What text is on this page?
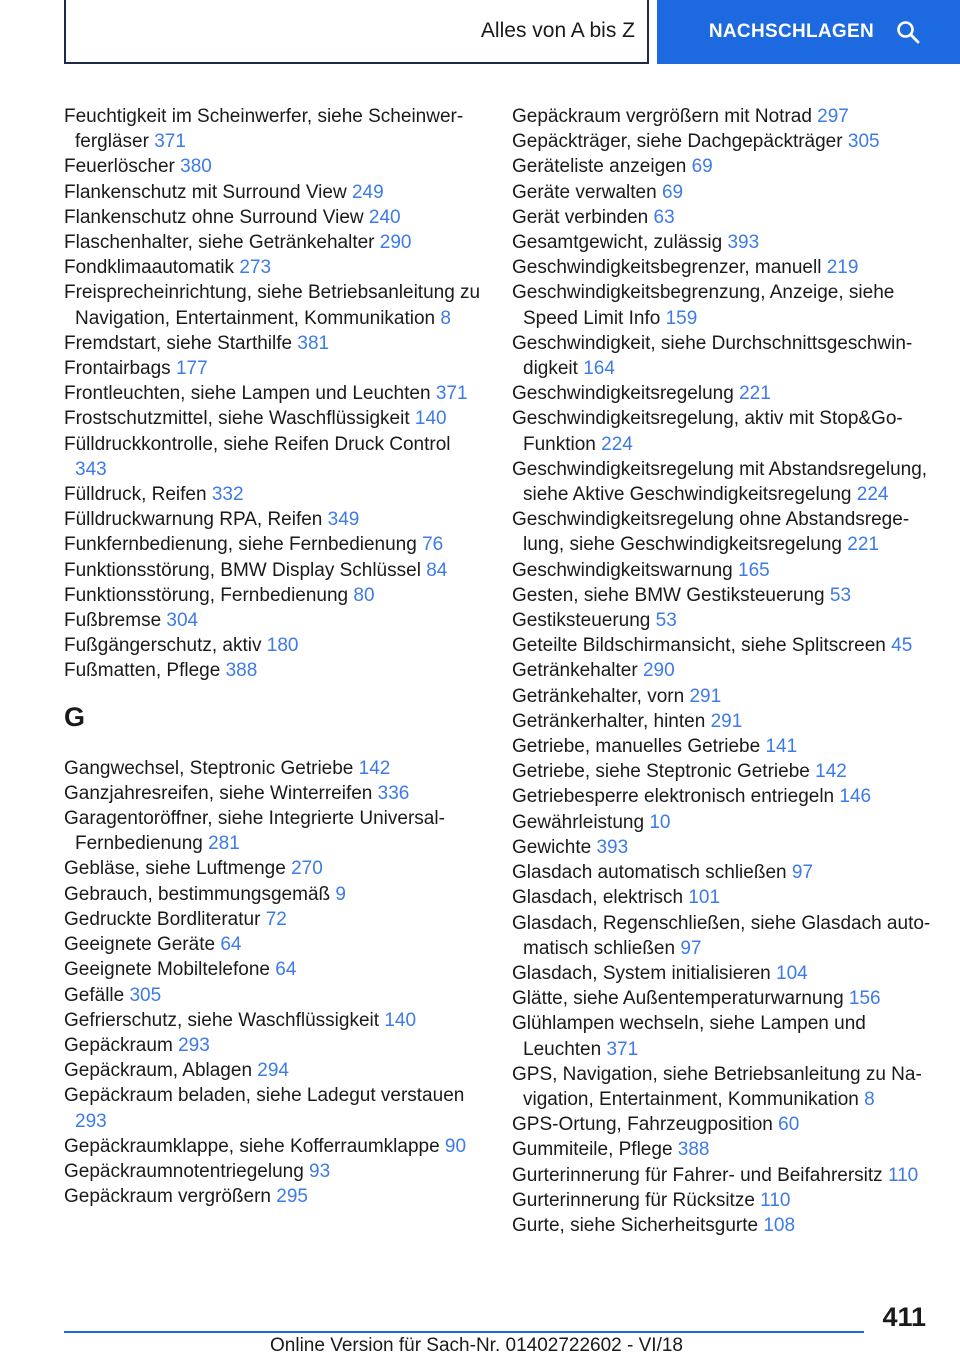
Alles von A bis Z	NACHSCHLAGEN
Feuchtigkeit im Scheinwerfer, siehe Scheinwerfergläser 371
Feuerlöscher 380
Flankenschutz mit Surround View 249
Flankenschutz ohne Surround View 240
Flaschenhalter, siehe Getränkehalter 290
Fondklimaautomatik 273
Freisprecheinrichtung, siehe Betriebsanleitung zu Navigation, Entertainment, Kommunikation 8
Fremdstart, siehe Starthilfe 381
Frontairbags 177
Frontleuchten, siehe Lampen und Leuchten 371
Frostschutzmittel, siehe Waschflüssigkeit 140
Fülldruckkontrolle, siehe Reifen Druck Control 343
Fülldruck, Reifen 332
Fülldruckwarnung RPA, Reifen 349
Funkfernbedienung, siehe Fernbedienung 76
Funktionsstörung, BMW Display Schlüssel 84
Funktionsstörung, Fernbedienung 80
Fußbremse 304
Fußgängerschutz, aktiv 180
Fußmatten, Pflege 388
G
Gangwechsel, Steptronic Getriebe 142
Ganzjahresreifen, siehe Winterreifen 336
Garagentoröffner, siehe Integrierte UniversalFernbedienung 281
Gebläse, siehe Luftmenge 270
Gebrauch, bestimmungsgemäß 9
Gedruckte Bordliteratur 72
Geeignete Geräte 64
Geeignete Mobiltelefone 64
Gefälle 305
Gefrierschutz, siehe Waschflüssigkeit 140
Gepäckraum 293
Gepäckraum, Ablagen 294
Gepäckraum beladen, siehe Ladegut verstauen 293
Gepäckraumklappe, siehe Kofferraumklappe 90
Gepäckraumnotentriegelung 93
Gepäckraum vergrößern 295
Gepäckraum vergrößern mit Notrad 297
Gepäckträger, siehe Dachgepäckträger 305
Geräteliste anzeigen 69
Geräte verwalten 69
Gerät verbinden 63
Gesamtgewicht, zulässig 393
Geschwindigkeitsbegrenzer, manuell 219
Geschwindigkeitsbegrenzung, Anzeige, siehe Speed Limit Info 159
Geschwindigkeit, siehe Durchschnittsgeschwindigkeit 164
Geschwindigkeitsregelung 221
Geschwindigkeitsregelung, aktiv mit Stop&Go-Funktion 224
Geschwindigkeitsregelung mit Abstandsregelung, siehe Aktive Geschwindigkeitsregelung 224
Geschwindigkeitsregelung ohne Abstandsregelung, siehe Geschwindigkeitsregelung 221
Geschwindigkeitswarnung 165
Gesten, siehe BMW Gestiksteuerung 53
Gestiksteuerung 53
Geteilte Bildschirmansicht, siehe Splitscreen 45
Getränkehalter 290
Getränkehalter, vorn 291
Getränkerhalter, hinten 291
Getriebe, manuelles Getriebe 141
Getriebe, siehe Steptronic Getriebe 142
Getriebesperre elektronisch entriegeln 146
Gewährleistung 10
Gewichte 393
Glasdach automatisch schließen 97
Glasdach, elektrisch 101
Glasdach, Regenschließen, siehe Glasdach automatisch schließen 97
Glasdach, System initialisieren 104
Glätte, siehe Außentemperaturwarnung 156
Glühlampen wechseln, siehe Lampen und Leuchten 371
GPS, Navigation, siehe Betriebsanleitung zu Navigation, Entertainment, Kommunikation 8
GPS-Ortung, Fahrzeugposition 60
Gummiteile, Pflege 388
Gurterinnerung für Fahrer- und Beifahrersitz 110
Gurterinnerung für Rücksitze 110
Gurte, siehe Sicherheitsgurte 108
411
Online Version für Sach-Nr. 01402722602 - VI/18
